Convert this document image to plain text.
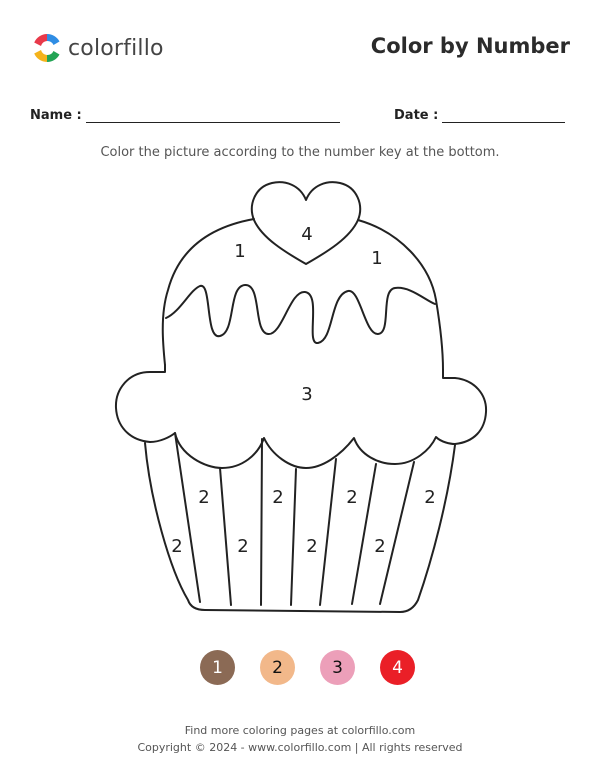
colorfillo	Color by Number
Name :	Date :
Color the picture according to the number key at the bottom.
4
1	1
3
2
2
2
2
2
2
2
2
1	2	3	4
Find more coloring pages at colorfillo.com
Copyright © 2024 - www.colorfillo.com | All rights reserved
